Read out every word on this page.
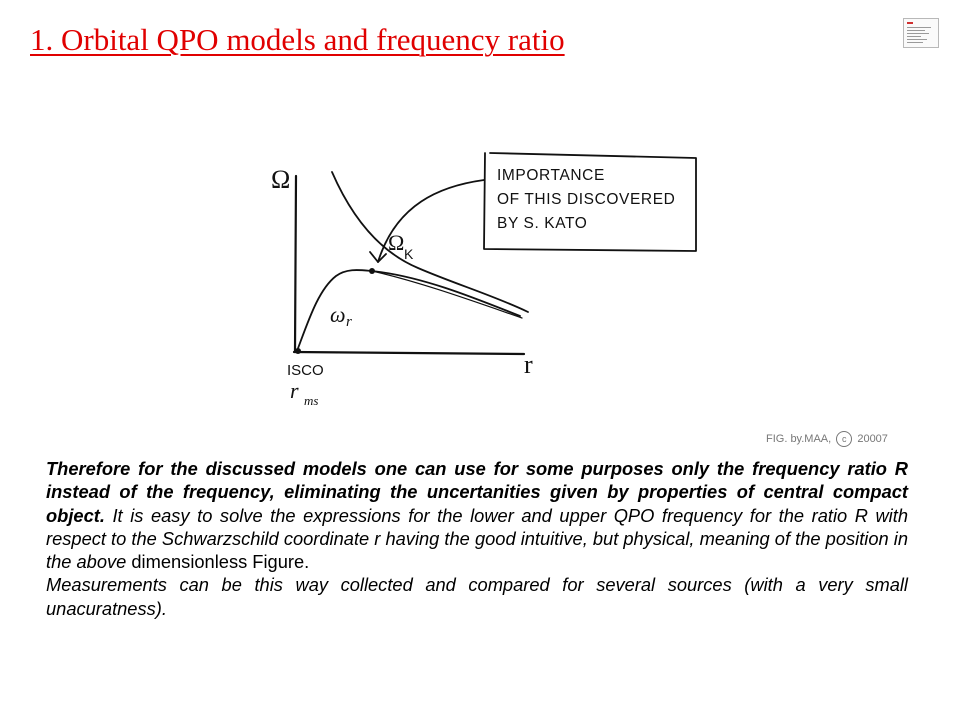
1. Orbital QPO models and frequency ratio
Ω
r
Ω K
ω r
ISCO
r ms
IMPORTANCE
OF THIS DISCOVERED
BY S. KATO
FIG. by.MAA, c 20007

Therefore for the discussed models one can use for some purposes only the frequency ratio R instead of the frequency, eliminating the uncertanities given by properties of central compact object. It is easy to solve the expressions for the lower and upper QPO frequency for the ratio R with respect to the Schwarzschild coordinate r having the good intuitive, but physical, meaning of the position in the above dimensionless Figure.

Measurements can be this way collected and compared for several sources (with a very small unacuratness).
